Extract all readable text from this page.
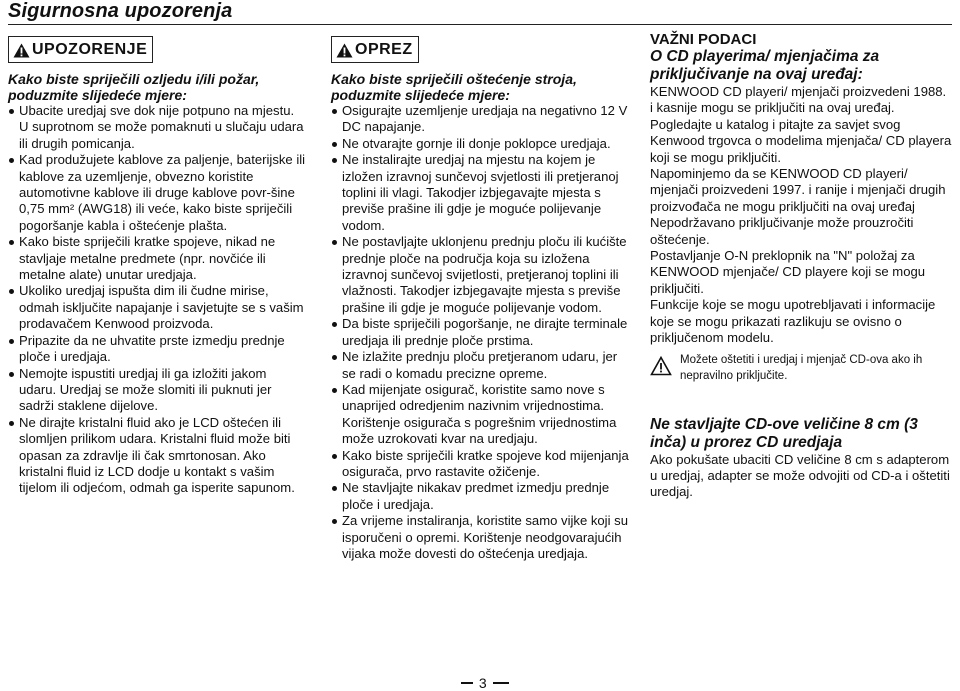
Sigurnosna upozorenja
UPOZORENJE
Kako biste spriječili ozljedu i/ili požar, poduzmite slijedeće mjere:

Ubacite uredjaj sve dok nije potpuno na mjestu. U suprotnom se može pomaknuti u slučaju udara ili drugih pomicanja.

Kad produžujete kablove za paljenje, baterijske ili kablove za uzemljenje, obvezno koristite automotivne kablove ili druge kablove povr-šine 0,75 mm² (AWG18) ili veće, kako biste spriječili pogoršanje kabla i oštećenje plašta.

Kako biste spriječili kratke spojeve, nikad ne stavljaje metalne predmete (npr. novčiće ili metalne alate) unutar uredjaja.

Ukoliko uredjaj ispušta dim ili čudne mirise, odmah isključite napajanje i savjetujte se s vašim prodavačem Kenwood proizvoda.

Pripazite da ne uhvatite prste izmedju prednje ploče i uredjaja.

Nemojte ispustiti uredjaj ili ga izložiti jakom udaru. Uredjaj se može slomiti ili puknuti jer sadrži staklene dijelove.

Ne dirajte kristalni fluid ako je LCD oštećen ili slomljen prilikom udara. Kristalni fluid može biti opasan za zdravlje ili čak smrtonosan. Ako kristalni fluid iz LCD dodje u kontakt s vašim tijelom ili odjećom, odmah ga isperite sapunom.

OPREZ
Kako biste spriječili oštećenje stroja, poduzmite slijedeće mjere:

Osigurajte uzemljenje uredjaja na negativno 12 V DC napajanje.

Ne otvarajte gornje ili donje poklopce uredjaja.

Ne instalirajte uredjaj na mjestu na kojem je izložen izravnoj sunčevoj svjetlosti ili pretjeranoj toplini ili vlagi. Takodjer izbjegavajte mjesta s previše prašine ili gdje je moguće polijevanje vodom.

Ne postavljajte uklonjenu prednju ploču ili kućište prednje ploče na područja koja su izložena izravnoj sunčevoj svijetlosti, pretjeranoj toplini ili vlažnosti. Takodjer izbjegavajte mjesta s previše prašine ili gdje je moguće polijevanje vodom.

Da biste spriječili pogoršanje, ne dirajte terminale uredjaja ili prednje ploče prstima.

Ne izlažite prednju ploču pretjeranom udaru, jer se radi o komadu precizne opreme.

Kad mijenjate osigurač, koristite samo nove s unaprijed odredjenim nazivnim vrijednostima. Korištenje osigurača s pogrešnim vrijednostima može uzrokovati kvar na uredjaju.

Kako biste spriječili kratke spojeve kod mijenjanja osigurača, prvo rastavite ožičenje.

Ne stavljajte nikakav predmet izmedju prednje ploče i uredjaja.

Za vrijeme instaliranja, koristite samo vijke koji su isporučeni o opremi. Korištenje neodgovarajućih vijaka može dovesti do oštećenja uredjaja.

VAŽNI PODACI
O CD playerima/ mjenjačima za priključivanje na ovaj uređaj:

KENWOOD CD playeri/ mjenjači proizvedeni 1988. i kasnije mogu se priključiti na ovaj uređaj.

Pogledajte u katalog i pitajte za savjet svog Kenwood trgovca o modelima mjenjača/ CD playera koji se mogu priključiti.

Napominjemo da se KENWOOD CD playeri/ mjenjači proizvedeni 1997. i ranije i mjenjači drugih proizvođača ne mogu priključiti na ovaj uređaj

Nepodržavano priključivanje može prouzročiti oštećenje.

Postavljanje O-N preklopnik na "N" položaj za KENWOOD mjenjače/ CD playere koji se mogu priključiti.

Funkcije koje se mogu upotrebljavati i informacije koje se mogu prikazati razlikuju se ovisno o priključenom modelu.

Možete oštetiti i uredjaj i mjenjač CD-ova ako ih nepravilno priključite.
Ne stavljajte CD-ove veličine 8 cm (3 inča) u prorez CD uredjaja

Ako pokušate ubaciti CD veličine 8 cm s adapterom u uredjaj, adapter se može odvojiti od CD-a i oštetiti uredjaj.

3
